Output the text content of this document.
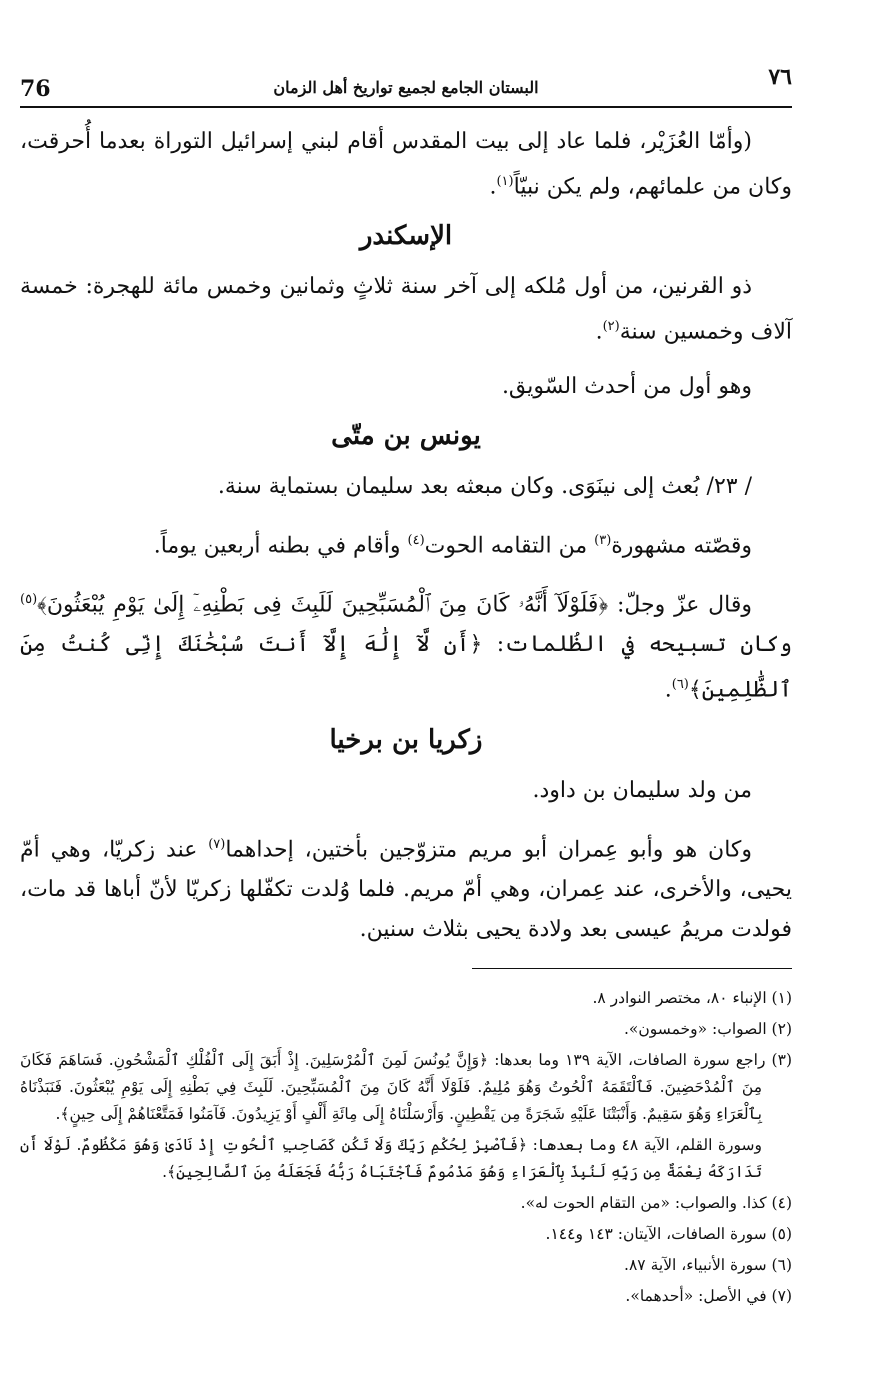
76	البستان الجامع لجميع تواريخ أهل الزمان	٧٦

(وأمّا العُزَيْر، فلما عاد إلى بيت المقدس أقام لبني إسرائيل التوراة بعدما أُحرقت، وكان من علمائهم، ولم يكن نبيّاً$^{(١)}$.

الإسكندر

ذو القرنين، من أول مُلكه إلى آخر سنة ثلاثٍ وثمانين وخمس مائة للهجرة: خمسة آلاف وخمسين سنة$^{(٢)}$.

وهو أول من أحدث السّويق.

يونس بن متّى

/ ٢٣/ بُعث إلى نينَوَى. وكان مبعثه بعد سليمان بستماية سنة.

وقصّته مشهورة$^{(٣)}$ من التقامه الحوت$^{(٤)}$ وأقام في بطنه أربعين يوماً.

وقال عزّ وجلّ: ﴿فَلَوْلَآ أَنَّهُۥ كَانَ مِنَ ٱلْمُسَبِّحِينَ لَلَبِثَ فِى بَطْنِهِۦٓ إِلَىٰ يَوْمِ يُبْعَثُونَ﴾$^{(٥)}$ وكان تسبيحه في الظُلمات: ﴿أَن لَّآ إِلَٰهَ إِلَّآ أَنتَ سُبْحَٰنَكَ إِنِّى كُنتُ مِنَ ٱلظَّٰلِمِينَ﴾$^{(٦)}$.

زكريا بن برخيا

من ولد سليمان بن داود.

وكان هو وأبو عِمران أبو مريم متزوّجين بأختين، إحداهما$^{(٧)}$ عند زكريّا، وهي أمّ يحيى، والأخرى، عند عِمران، وهي أمّ مريم. فلما وُلدت تكفّلها زكريّا لأنّ أباها قد مات، فولدت مريمُ عيسى بعد ولادة يحيى بثلاث سنين.

(١) الإنباء ٨٠، مختصر النوادر ٨.

(٢) الصواب: «وخمسون».

(٣) راجع سورة الصافات، الآية ١٣٩ وما بعدها: ﴿وَإِنَّ يُونُسَ لَمِنَ ٱلْمُرْسَلِينَ. إِذْ أَبَقَ إِلَى ٱلْفُلْكِ ٱلْمَشْحُونِ. فَسَاهَمَ فَكَانَ مِنَ ٱلْمُدْحَضِينَ. فَٱلْتَقَمَهُ ٱلْحُوتُ وَهُوَ مُلِيمٌ. فَلَوْلَا أَنَّهُ كَانَ مِنَ ٱلْمُسَبِّحِينَ. لَلَبِثَ فِي بَطْنِهِ إِلَى يَوْمِ يُبْعَثُونَ. فَنَبَذْنَاهُ بِٱلْعَرَاءِ وَهُوَ سَقِيمٌ. وَأَنْبَتْنَا عَلَيْهِ شَجَرَةً مِن يَقْطِينٍ. وَأَرْسَلْنَاهُ إِلَى مِائَةِ أَلْفٍ أَوْ يَزِيدُونَ. فَآمَنُوا فَمَتَّعْنَاهُمْ إِلَى حِينٍ﴾.

وسورة القلم، الآية ٤٨ وما بعدها: ﴿فَٱصْبِرْ لِحُكْمِ رَبِّكَ وَلَا تَكُن كَصَاحِبِ ٱلْحُوتِ إِذْ نَادَىٰ وَهُوَ مَكْظُومٌ. لَوْلَا أَن تَدَارَكَهُ نِعْمَةٌ مِن رَبِّهِ لَنُبِذَ بِٱلْعَرَاءِ وَهُوَ مَذْمُومٌ فَٱجْتَبَاهُ رَبُّهُ فَجَعَلَهُ مِنَ ٱلصَّالِحِينَ﴾.

(٤) كذا. والصواب: «من التقام الحوت له».

(٥) سورة الصافات، الآيتان: ١٤٣ و١٤٤.

(٦) سورة الأنبياء، الآية ٨٧.

(٧) في الأصل: «أحدهما».
